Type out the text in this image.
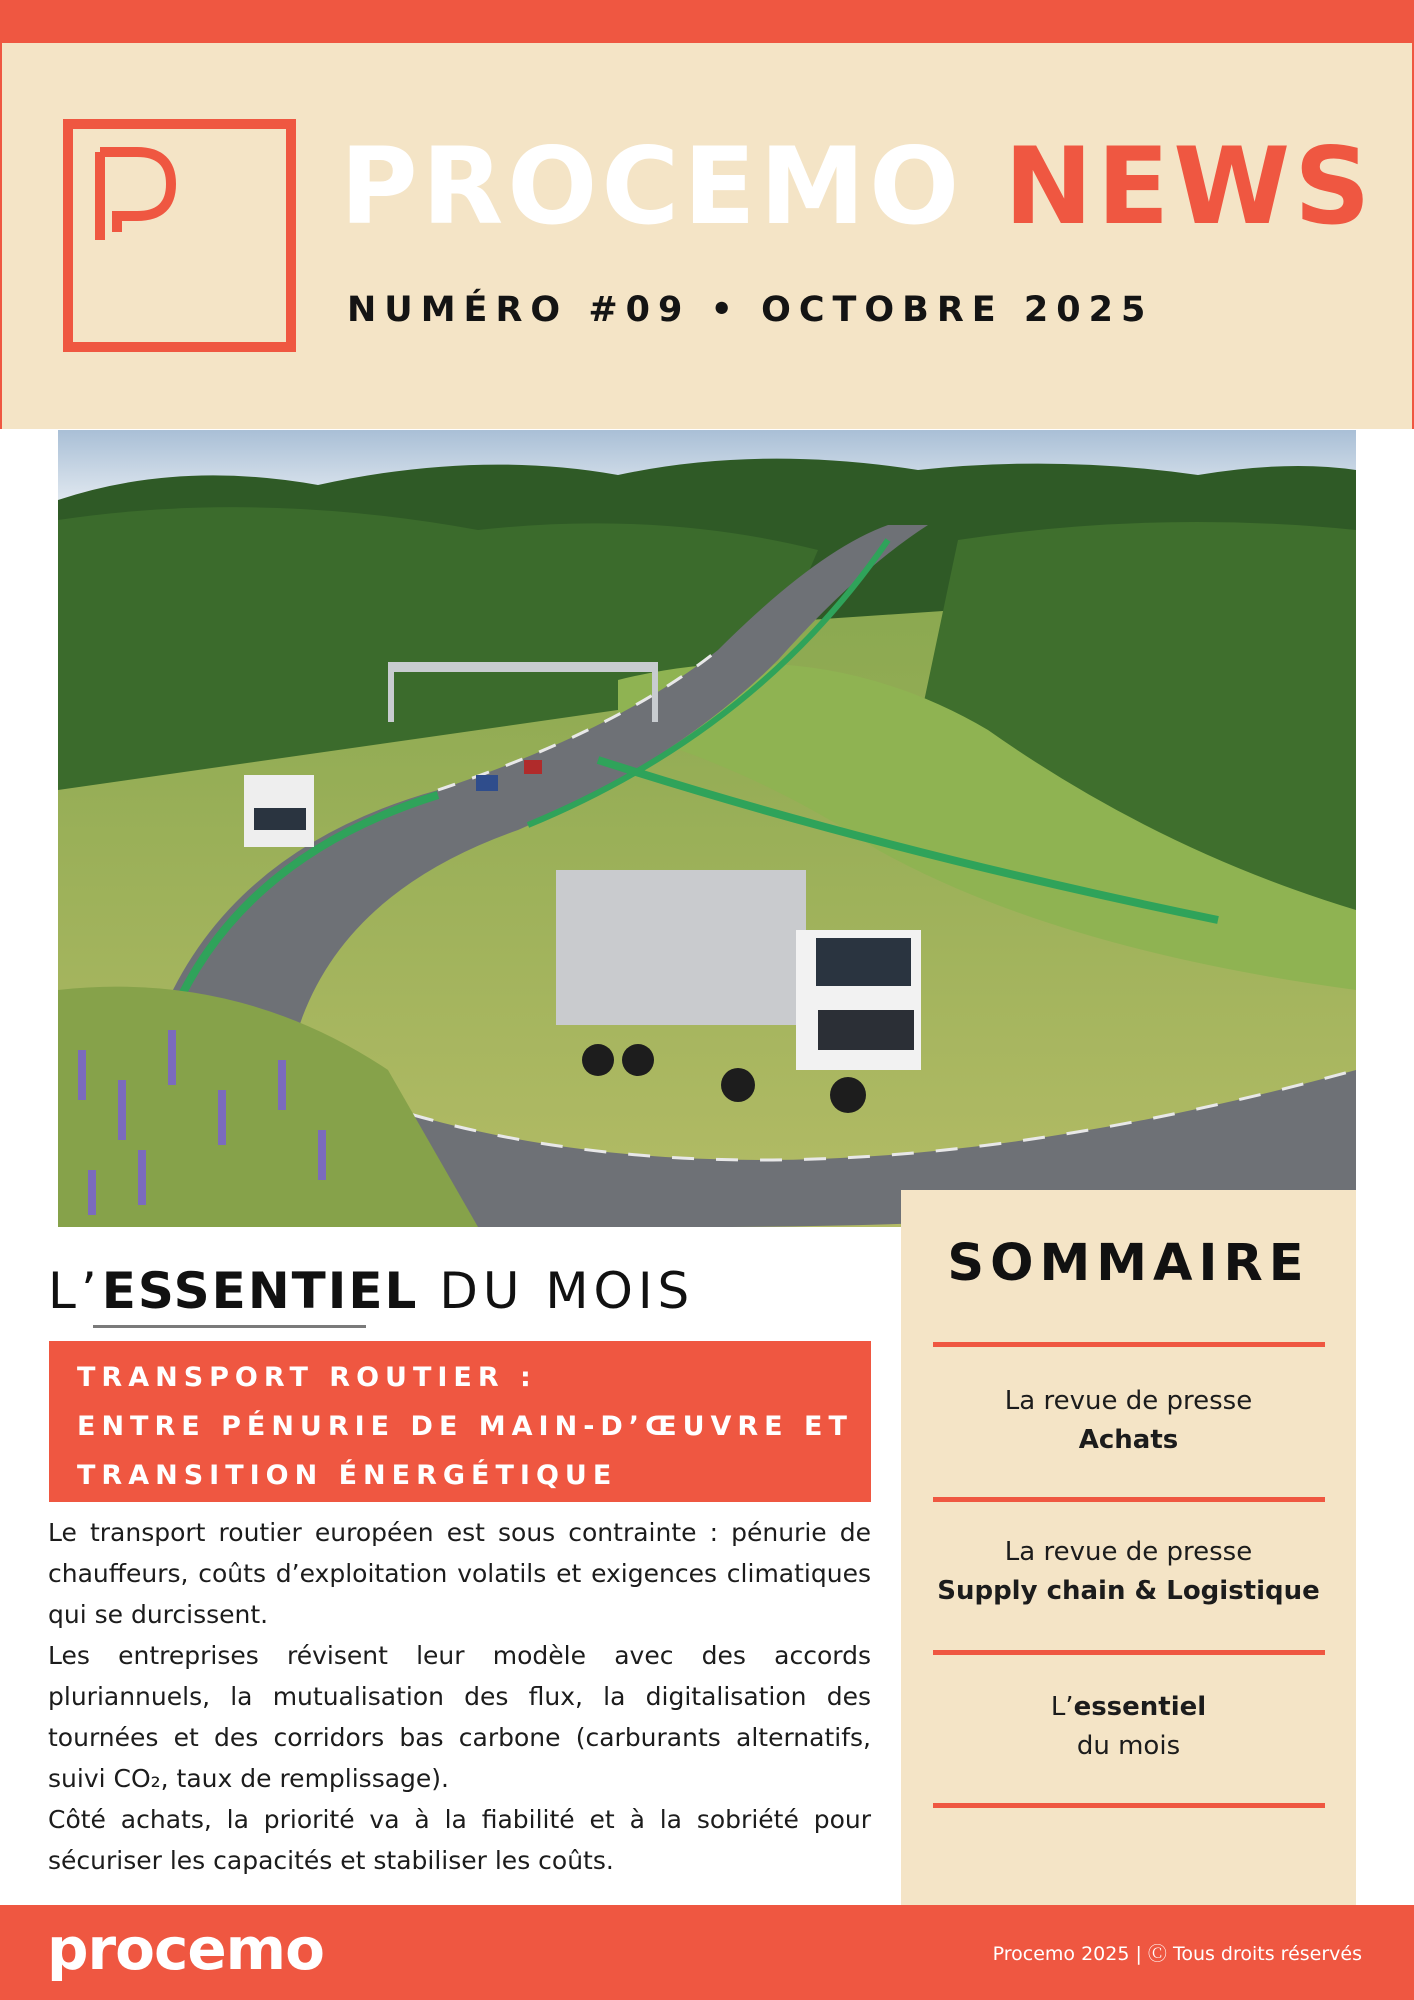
PROCEMO NEWS
NUMÉRO #09 • OCTOBRE 2025
SOMMAIRE
La revue de presse
Achats
La revue de presse
Supply chain & Logistique
L’essentiel
du mois
L’ESSENTIEL DU MOIS
TRANSPORT ROUTIER :
ENTRE PÉNURIE DE MAIN-D’ŒUVRE ET
TRANSITION ÉNERGÉTIQUE

Le transport routier européen est sous contrainte : pénurie de chauffeurs, coûts d’exploitation volatils et exigences climatiques qui se durcissent.

Les entreprises révisent leur modèle avec des accords pluriannuels, la mutualisation des flux, la digitalisation des tournées et des corridors bas carbone (carburants alternatifs, suivi CO₂, taux de remplissage).

Côté achats, la priorité va à la fiabilité et à la sobriété pour sécuriser les capacités et stabiliser les coûts.

procemo	Procemo 2025 | Ⓒ Tous droits réservés
